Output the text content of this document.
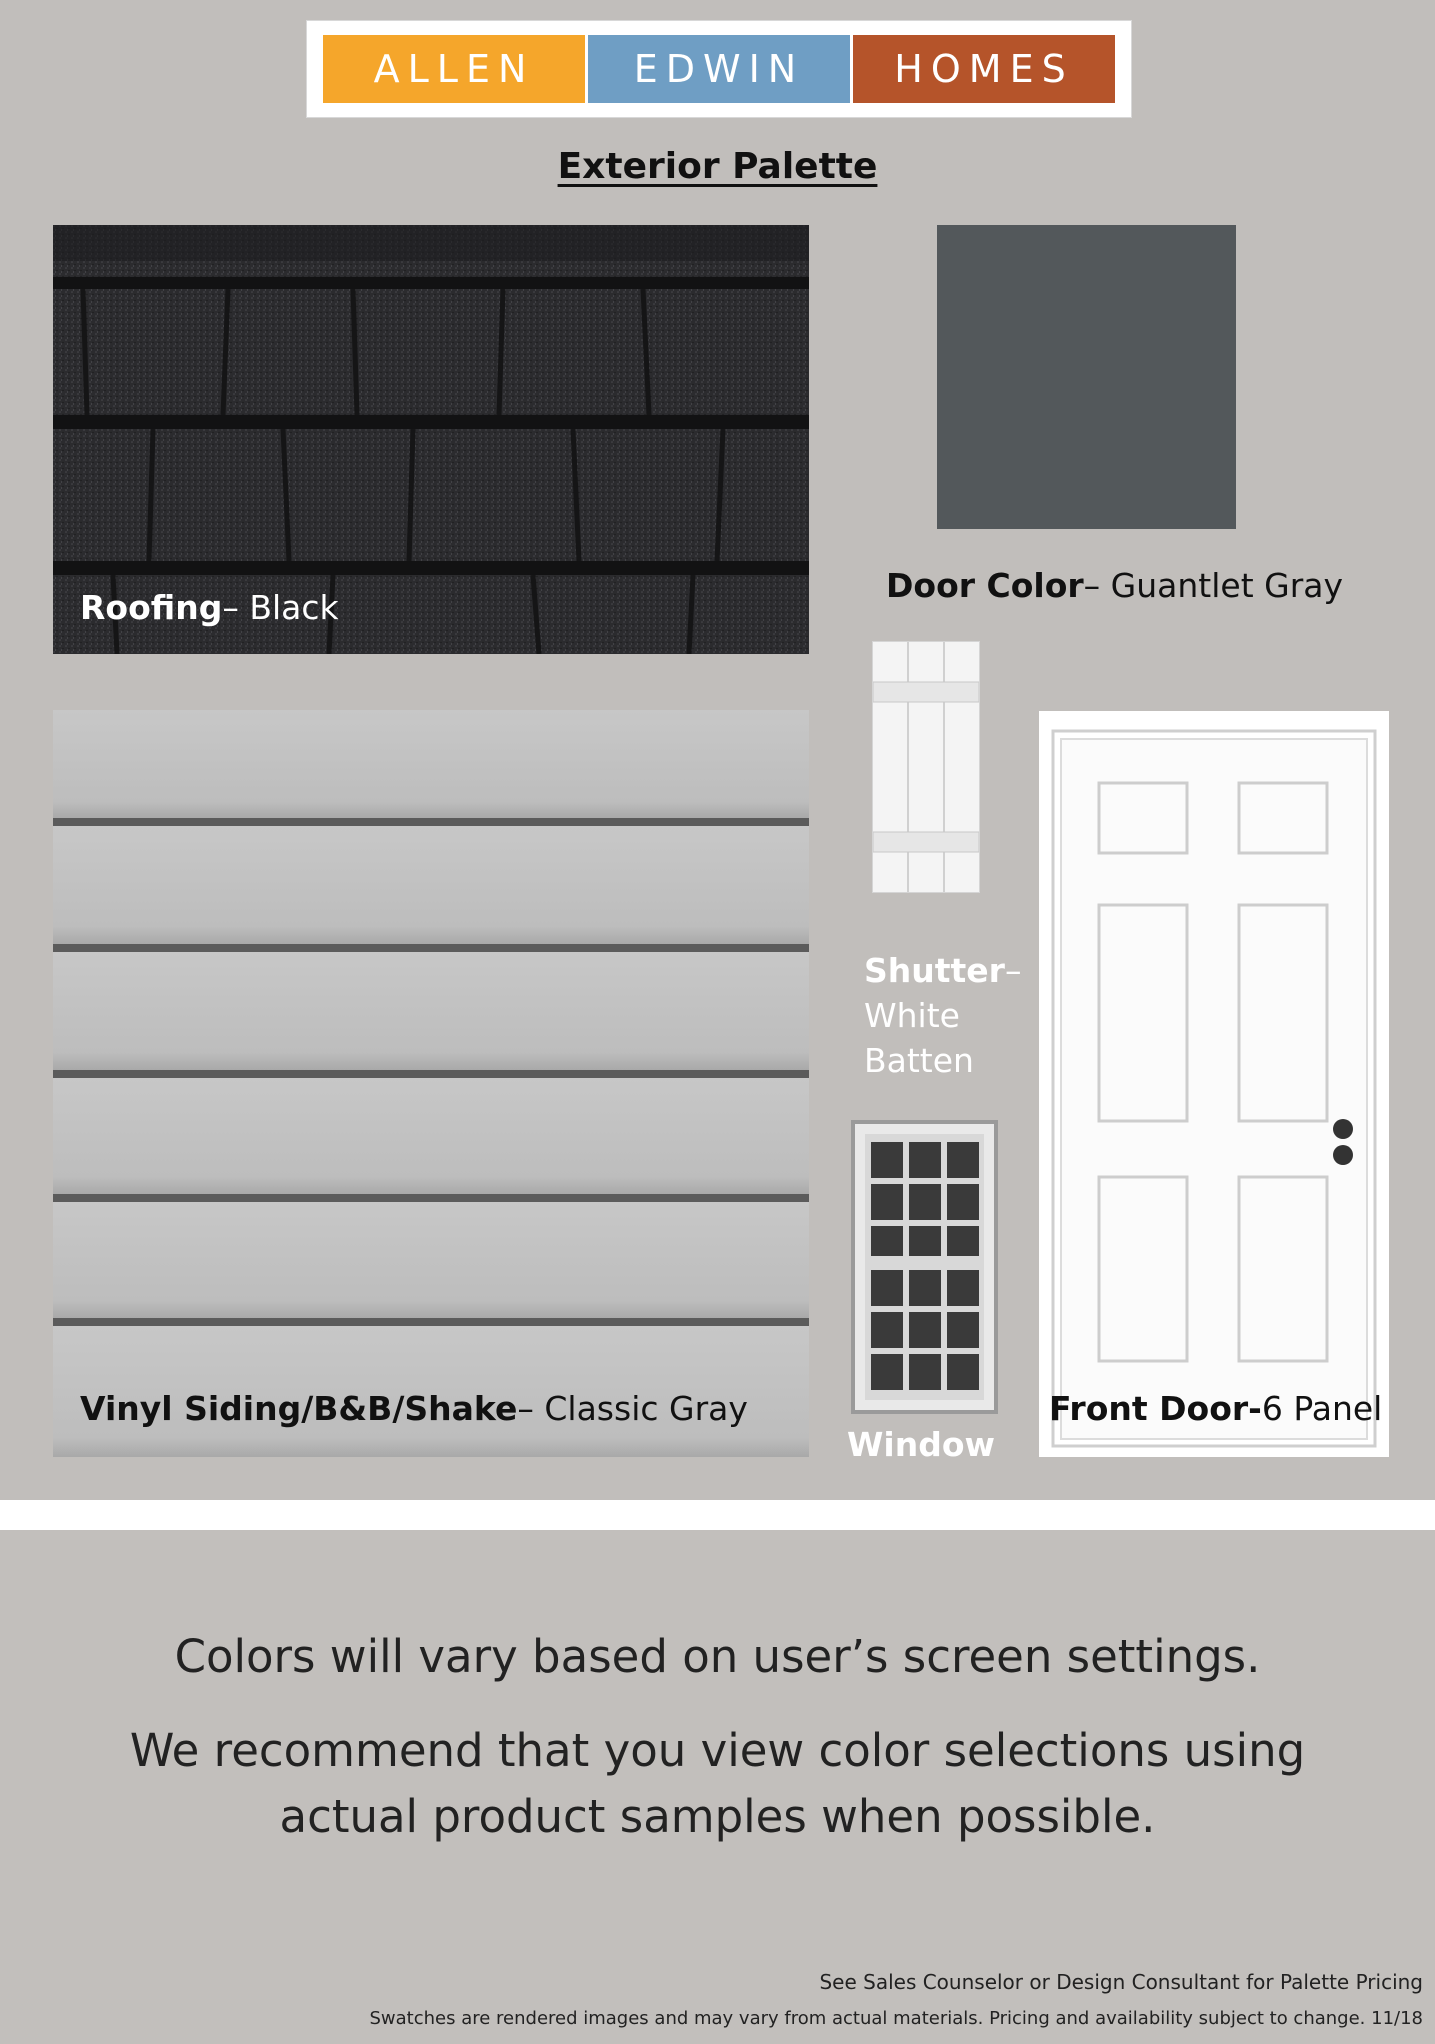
ALLEN	EDWIN	HOMES
Exterior Palette
Roofing– Black
Door Color– Guantlet Gray
Vinyl Siding/B&B/Shake– Classic Gray
Shutter–
White
Batten
Window
Front Door-6 Panel
Colors will vary based on user’s screen settings.
We recommend that you view color selections using
actual product samples when possible.
See Sales Counselor or Design Consultant for Palette Pricing
Swatches are rendered images and may vary from actual materials. Pricing and availability subject to change. 11/18
